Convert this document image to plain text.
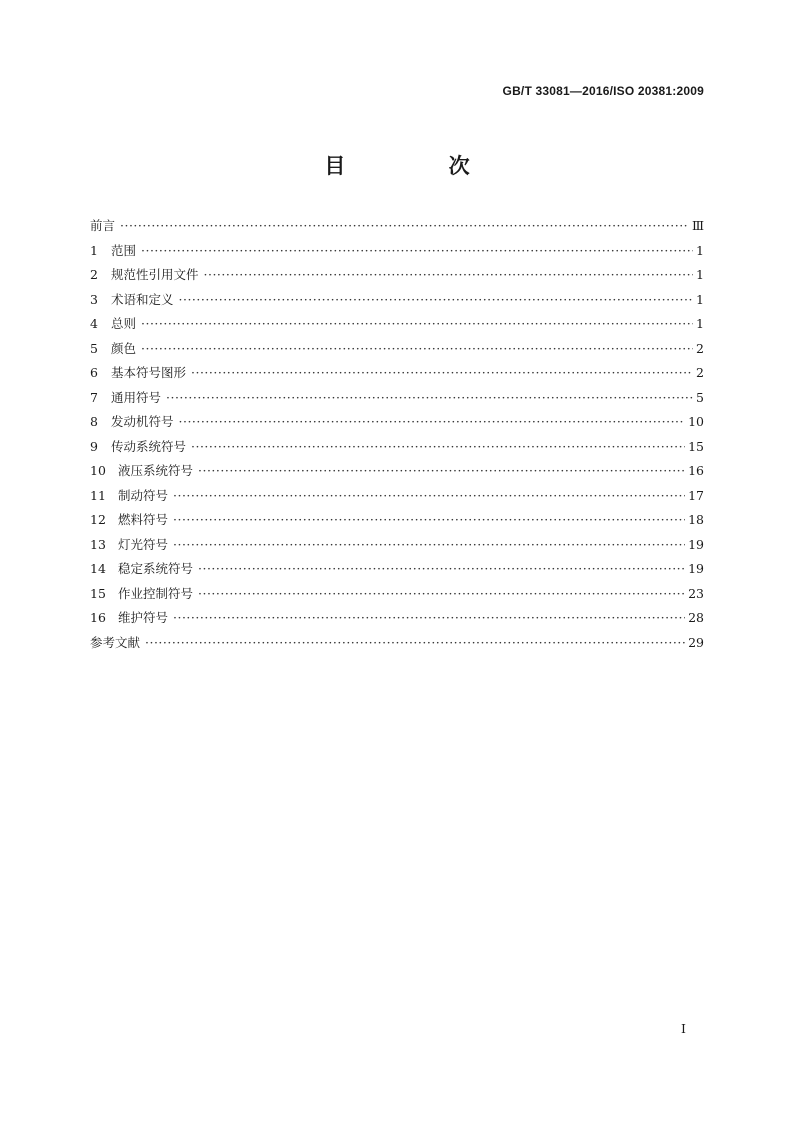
GB/T 33081—2016/ISO 20381:2009
目 次
前言 ·····	Ⅲ
1	范围 ·····	1
2	规范性引用文件 ·····	1
3	术语和定义 ·····	1
4	总则 ·····	1
5	颜色 ·····	2
6	基本符号图形 ·····	2
7	通用符号 ·····	5
8	发动机符号 ·····	10
9	传动系统符号 ·····	15
10 液压系统符号 ·····	16
11 制动符号 ·····	17
12 燃料符号 ·····	18
13 灯光符号 ·····	19
14 稳定系统符号 ·····	19
15 作业控制符号 ·····	23
16 维护符号 ·····	28
参考文献 ·····	29
I
